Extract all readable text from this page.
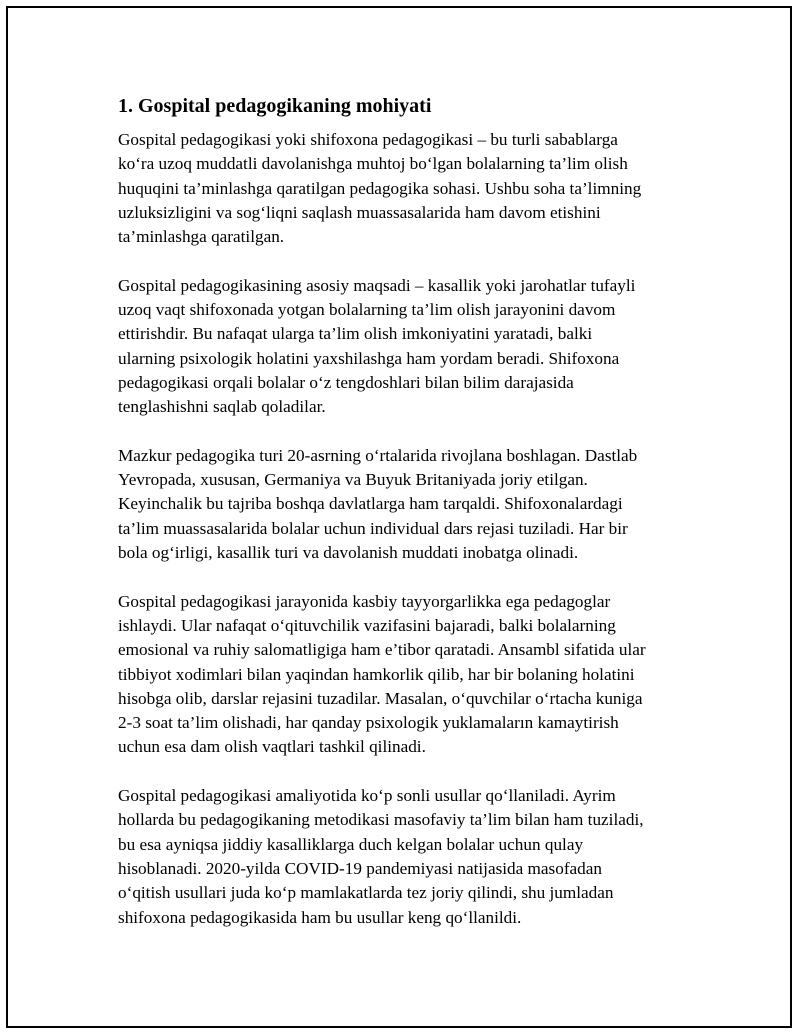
1. Gospital pedagogikaning mohiyati
Gospital pedagogikasi yoki shifoxona pedagogikasi – bu turli sabablarga
ko‘ra uzoq muddatli davolanishga muhtoj bo‘lgan bolalarning ta’lim olish
huquqini ta’minlashga qaratilgan pedagogika sohasi. Ushbu soha ta’limning
uzluksizligini va sog‘liqni saqlash muassasalarida ham davom etishini
ta’minlashga qaratilgan.
Gospital pedagogikasining asosiy maqsadi – kasallik yoki jarohatlar tufayli
uzoq vaqt shifoxonada yotgan bolalarning ta’lim olish jarayonini davom
ettirishdir. Bu nafaqat ularga ta’lim olish imkoniyatini yaratadi, balki
ularning psixologik holatini yaxshilashga ham yordam beradi. Shifoxona
pedagogikasi orqali bolalar o‘z tengdoshlari bilan bilim darajasida
tenglashishni saqlab qoladilar.
Mazkur pedagogika turi 20-asrning o‘rtalarida rivojlana boshlagan. Dastlab
Yevropada, xususan, Germaniya va Buyuk Britaniyada joriy etilgan.
Keyinchalik bu tajriba boshqa davlatlarga ham tarqaldi. Shifoxonalardagi
ta’lim muassasalarida bolalar uchun individual dars rejasi tuziladi. Har bir
bola og‘irligi, kasallik turi va davolanish muddati inobatga olinadi.
Gospital pedagogikasi jarayonida kasbiy tayyorgarlikka ega pedagoglar
ishlaydi. Ular nafaqat o‘qituvchilik vazifasini bajaradi, balki bolalarning
emosional va ruhiy salomatligiga ham e’tibor qaratadi. Ansambl sifatida ular
tibbiyot xodimlari bilan yaqindan hamkorlik qilib, har bir bolaning holatini
hisobga olib, darslar rejasini tuzadilar. Masalan, o‘quvchilar o‘rtacha kuniga
2-3 soat ta’lim olishadi, har qanday psixologik yuklamaların kamaytirish
uchun esa dam olish vaqtlari tashkil qilinadi.
Gospital pedagogikasi amaliyotida ko‘p sonli usullar qo‘llaniladi. Ayrim
hollarda bu pedagogikaning metodikasi masofaviy ta’lim bilan ham tuziladi,
bu esa ayniqsa jiddiy kasalliklarga duch kelgan bolalar uchun qulay
hisoblanadi. 2020-yilda COVID-19 pandemiyasi natijasida masofadan
o‘qitish usullari juda ko‘p mamlakatlarda tez joriy qilindi, shu jumladan
shifoxona pedagogikasida ham bu usullar keng qo‘llanildi.
